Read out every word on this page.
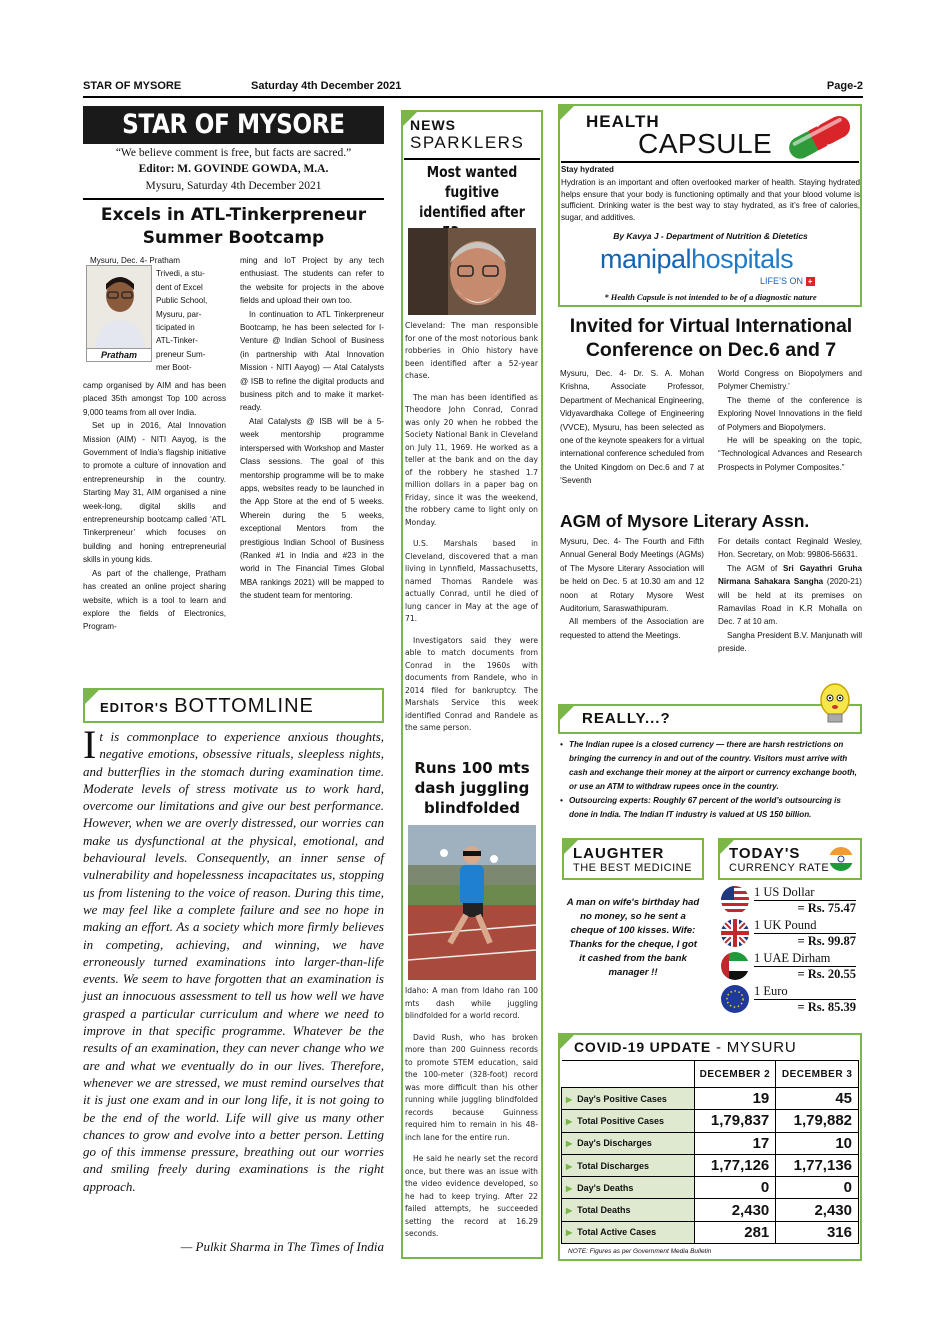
STAR OF MYSORE	Saturday 4th December 2021	Page-2
STAR OF MYSORE
“We believe comment is free, but facts are sacred.”
Editor: M. GOVINDE GOWDA, M.A.
Mysuru, Saturday 4th December 2021
Excels in ATL-Tinkerpreneur
Summer Bootcamp
Pratham
Mysuru, Dec. 4- Pratham
Trivedi, a stu-
dent of Excel
Public School,
Mysuru, par-
ticipated in
ATL-Tinker-
preneur Sum-
mer Boot-

camp organised by AIM and has been placed 35th amongst Top 100 across 9,000 teams from all over India.

Set up in 2016, Atal Innovation Mission (AIM) - NITI Aayog, is the Government of India’s flagship initiative to promote a culture of innovation and entrepreneurship in the country. Starting May 31, AIM organised a nine week-long, digital skills and entrepreneurship bootcamp called ‘ATL Tinkerpreneur’ which focuses on building and honing entrepreneurial skills in young kids.

As part of the challenge, Pratham has created an online project sharing website, which is a tool to learn and explore the fields of Electronics, Program-

ming and IoT Project by any tech enthusiast. The students can refer to the website for projects in the above fields and upload their own too.

In continuation to ATL Tinkerpreneur Bootcamp, he has been selected for I-Venture @ Indian School of Business (in partnership with Atal Innovation Mission - NITI Aayog) — Atal Catalysts @ ISB to refine the digital products and business pitch and to make it market-ready.

Atal Catalysts @ ISB will be a 5-week mentorship programme interspersed with Workshop and Master Class sessions. The goal of this mentorship programme will be to make apps, websites ready to be launched in the App Store at the end of 5 weeks. Wherein during the 5 weeks, exceptional Mentors from the prestigious Indian School of Business (Ranked #1 in India and #23 in the world in The Financial Times Global MBA rankings 2021) will be mapped to the student team for mentoring.

EDITOR'S BOTTOMLINE
I t is commonplace to experience anxious thoughts, negative emotions, obsessive rituals, sleepless nights, and butterflies in the stomach during examination time. Moderate levels of stress motivate us to work hard, overcome our limitations and give our best performance. However, when we are overly distressed, our worries can make us dysfunctional at the physical, emotional, and behavioural levels. Consequently, an inner sense of vulnerability and hopelessness incapacitates us, stopping us from listening to the voice of reason. During this time, we may feel like a complete failure and see no hope in making an effort. As a society which more firmly believes in competing, achieving, and winning, we have erroneously turned examinations into larger-than-life events. We seem to have forgotten that an examination is just an innocuous assessment to tell us how well we have grasped a particular curriculum and where we need to improve in that specific programme. Whatever be the results of an examination, they can never change who we are and what we eventually do in our lives. Therefore, whenever we are stressed, we must remind ourselves that it is just one exam and in our long life, it is not going to be the end of the world. Life will give us many other chances to grow and evolve into a better person. Letting go of this immense pressure, breathing out our worries and smiling freely during examinations is the right approach.
— Pulkit Sharma in The Times of India
NEWS
SPARKLERS
Most wanted fugitive identified after

Cleveland: The man responsible for one of the most notorious bank robberies in Ohio history have been identified after a 52-year chase.

The man has been identified as Theodore John Conrad, Conrad was only 20 when he robbed the Society National Bank in Cleveland on July 11, 1969. He worked as a teller at the bank and on the day of the robbery he stashed 1.7 million dollars in a paper bag on Friday, since it was the weekend, the robbery came to light only on Monday.

U.S. Marshals based in Cleveland, discovered that a man living in Lynnfield, Massachusetts, named Thomas Randele was actually Conrad, until he died of lung cancer in May at the age of 71.

Investigators said they were able to match documents from Conrad in the 1960s with documents from Randele, who in 2014 filed for bankruptcy. The Marshals Service this week identified Conrad and Randele as the same person.

Runs 100 mts dash juggling blindfolded

Idaho: A man from Idaho ran 100 mts dash while juggling blindfolded for a world record.

David Rush, who has broken more than 200 Guinness records to promote STEM education, said the 100-meter (328-foot) record was more difficult than his other running while juggling blindfolded records because Guinness required him to remain in his 48-inch lane for the entire run.

He said he nearly set the record once, but there was an issue with the video evidence developed, so he had to keep trying. After 22 failed attempts, he succeeded setting the record at 16.29 seconds.

HEALTH
CAPSULE
Stay hydrated
Hydration is an important and often overlooked marker of health. Staying hydrated helps ensure that your body is functioning optimally and that your blood volume is sufficient. Drinking water is the best way to stay hydrated, as it’s free of calories, sugar, and additives.
By Kavya J - Department of Nutrition & Dietetics
manipalhospitals
LIFE’S ON +
* Health Capsule is not intended to be of a diagnostic nature
Invited for Virtual International
Conference on Dec.6 and 7

Mysuru, Dec. 4- Dr. S. A. Mohan Krishna, Associate Professor, Department of Mechanical Engineering, Vidyavardhaka College of Engineering (VVCE), Mysuru, has been selected as one of the keynote speakers for a virtual international conference scheduled from the United Kingdom on Dec.6 and 7 at ‘Seventh

World Congress on Biopolymers and Polymer Chemistry.’

The theme of the conference is Exploring Novel Innovations in the field of Polymers and Biopolymers.

He will be speaking on the topic, “Technological Advances and Research Prospects in Polymer Composites.”

AGM of Mysore Literary Assn.

Mysuru, Dec. 4- The Fourth and Fifth Annual General Body Meetings (AGMs) of The Mysore Literary Association will be held on Dec. 5 at 10.30 am and 12 noon at Rotary Mysore West Auditorium, Saraswathipuram.

All members of the Association are requested to attend the Meetings.

For details contact Reginald Wesley, Hon. Secretary, on Mob: 99806-56631.

The AGM of Sri Gayathri Gruha Nirmana Sahakara Sangha (2020-21) will be held at its premises on Ramavilas Road in K.R Mohalla on Dec. 7 at 10 am.

Sangha President B.V. Manjunath will preside.

REALLY...?
• The Indian rupee is a closed currency — there are harsh restrictions on bringing the currency in and out of the country. Visitors must arrive with cash and exchange their money at the airport or currency exchange booth, or use an ATM to withdraw rupees once in the country.
• Outsourcing experts: Roughly 67 percent of the world’s outsourcing is done in India. The Indian IT industry is valued at US 150 billion.
LAUGHTER
THE BEST MEDICINE
A man on wife's birthday had no money, so he sent a cheque of 100 kisses. Wife: Thanks for the cheque, I got it cashed from the bank manager !!
TODAY'S
CURRENCY RATE
1 US Dollar
= Rs. 75.47
1 UK Pound
= Rs. 99.87
1 UAE Dirham
= Rs. 20.55
1 Euro
= Rs. 85.39
COVID-19 UPDATE - MYSURU
	DECEMBER 2	DECEMBER 3
▶ Day's Positive Cases	19	45
▶ Total Positive Cases	1,79,837	1,79,882
▶ Day's Discharges	17	10
▶ Total Discharges	1,77,126	1,77,136
▶ Day's Deaths	0	0
▶ Total Deaths	2,430	2,430
▶ Total Active Cases	281	316
NOTE: Figures as per Government Media Bulletin
